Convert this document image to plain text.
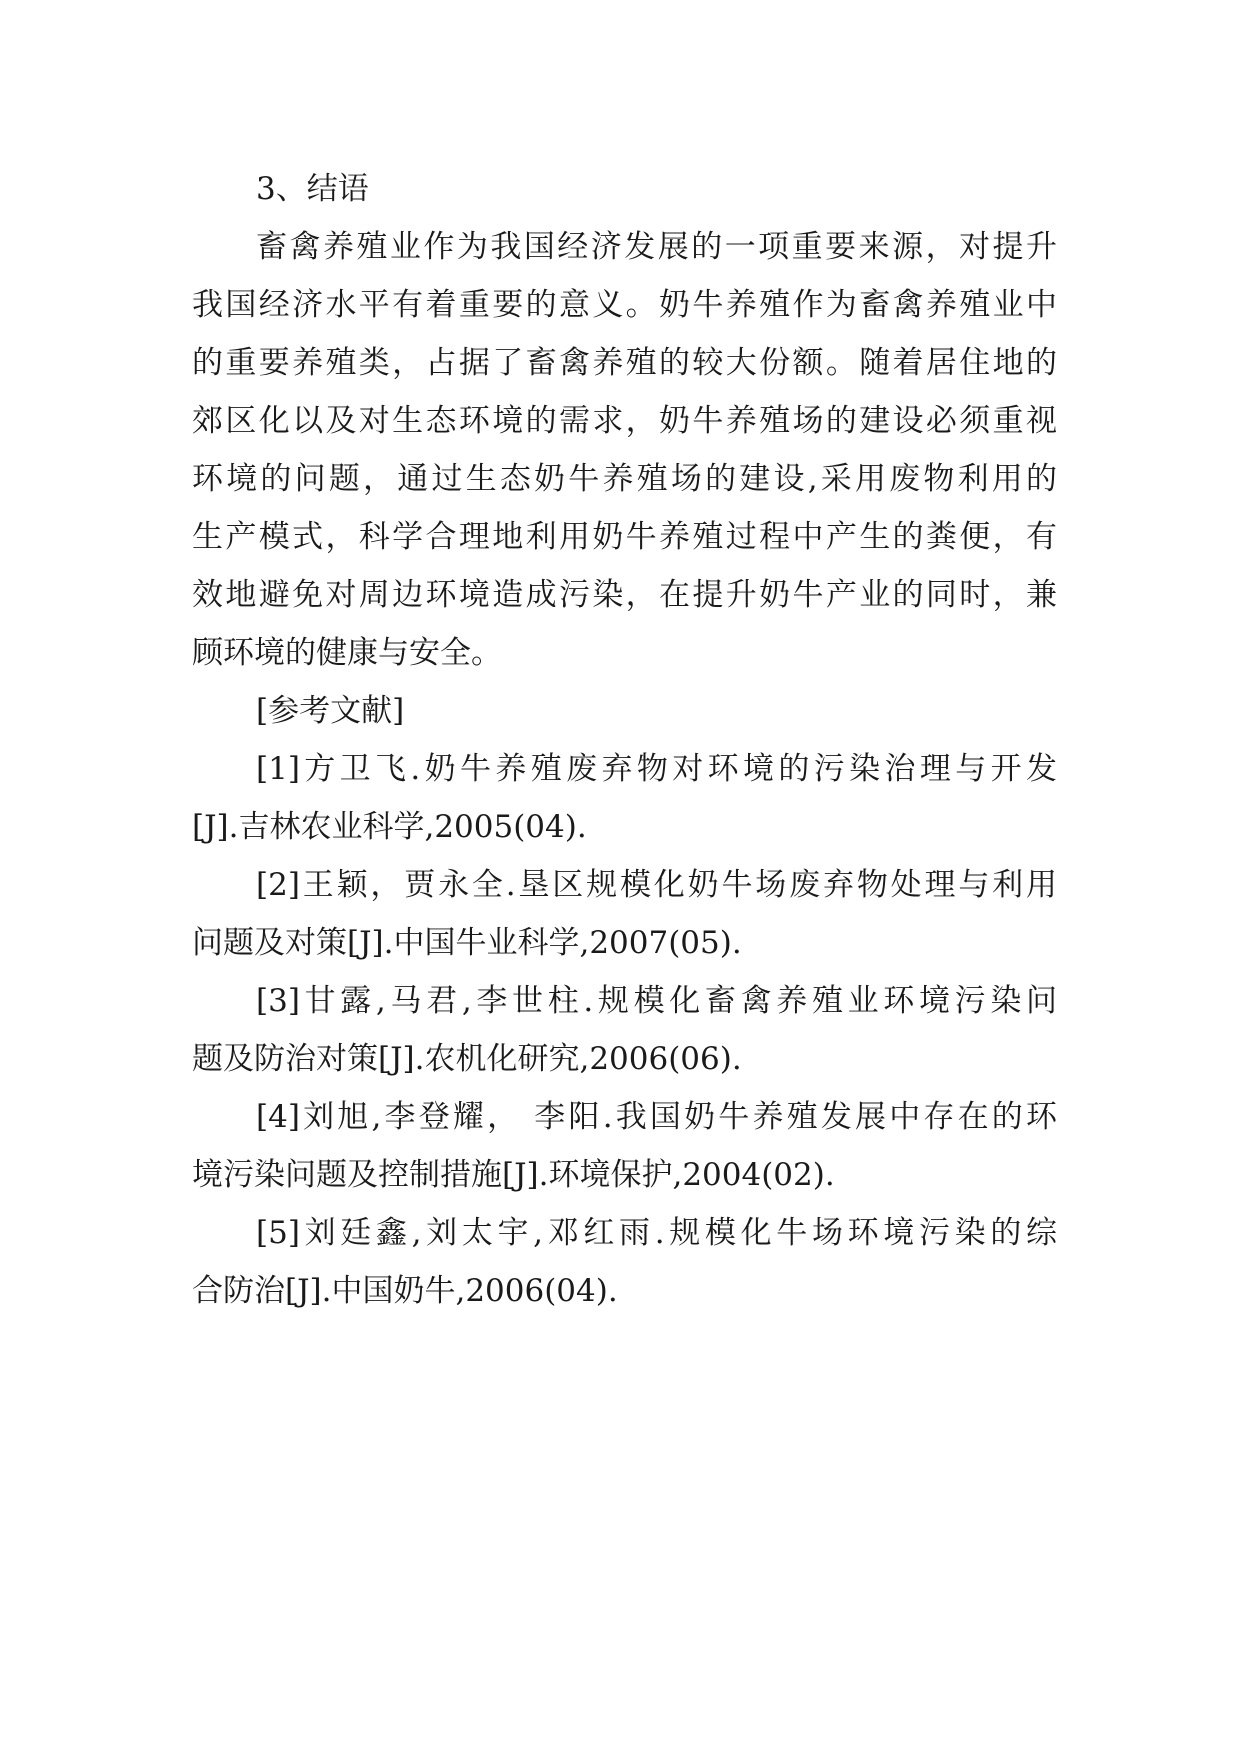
3、结语
畜禽养殖业作为我国经济发展的一项重要来源，对提升
我国经济水平有着重要的意义。奶牛养殖作为畜禽养殖业中
的重要养殖类，占据了畜禽养殖的较大份额。随着居住地的
郊区化以及对生态环境的需求，奶牛养殖场的建设必须重视
环境的问题，通过生态奶牛养殖场的建设,采用废物利用的
生产模式，科学合理地利用奶牛养殖过程中产生的粪便，有
效地避免对周边环境造成污染，在提升奶牛产业的同时，兼
顾环境的健康与安全。
[参考文献]
[1]方卫飞.奶牛养殖废弃物对环境的污染治理与开发
[J].吉林农业科学,2005(04).
[2]王颖，贾永全.垦区规模化奶牛场废弃物处理与利用
问题及对策[J].中国牛业科学,2007(05).
[3]甘露,马君,李世柱.规模化畜禽养殖业环境污染问
题及防治对策[J].农机化研究,2006(06).
[4]刘旭,李登耀， 李阳.我国奶牛养殖发展中存在的环
境污染问题及控制措施[J].环境保护,2004(02).
[5]刘廷鑫,刘太宇,邓红雨.规模化牛场环境污染的综
合防治[J].中国奶牛,2006(04).
